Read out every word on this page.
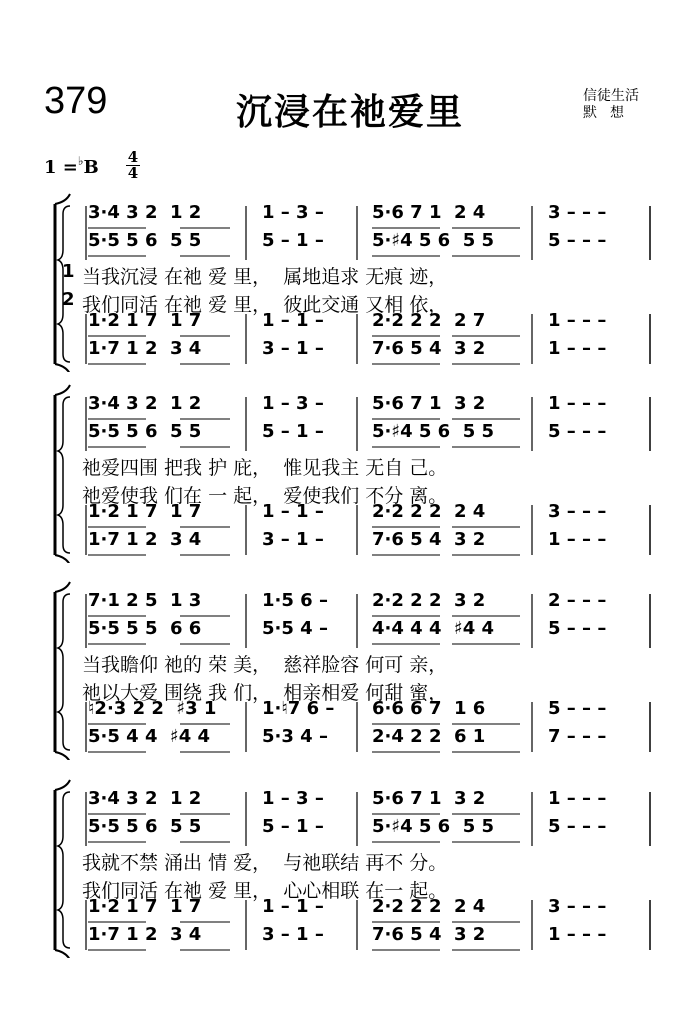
379	沉浸在祂爱里	信徒生活
默想
1 =♭B 4
4
3·4 3 2  1 2	1 – 3 –	5·6 7 1  2 4	3 – – –
5·5 5 6  5 5	5 – 1 –	5·♯4 5 6  5 5	5 – – –
1·2 1 7  1 7	1 – 1 –	2·2 2 2  2 7	1 – – –
1·7 1 2  3 4	3 – 1 –	7·6 5 4  3 2	1 – – –
1
2
当我沉浸 在祂 爱 里，  属地追求 无痕 迹，
我们同活 在祂 爱 里，  彼此交通 又相 依，
3·4 3 2  1 2	1 – 3 –	5·6 7 1  3 2	1 – – –
5·5 5 6  5 5	5 – 1 –	5·♯4 5 6  5 5	5 – – –
1·2 1 7  1 7	1 – 1 –	2·2 2 2  2 4	3 – – –
1·7 1 2  3 4	3 – 1 –	7·6 5 4  3 2	1 – – –
祂爱四围 把我 护 庇，  惟见我主 无自 己。
祂爱使我 们在 一 起，  爱使我们 不分 离。
7·1 2 5  1 3	1·5 6 – 2·2 2 2  3 2	2 – – –
5·5 5 5  6 6	5·5 4 – 4·4 4 4  ♯4 4	5 – – –
♮2·3 2 2  ♯3 1	1·♮7 6 – 6·6 6 7  1 6	5 – – –
5·5 4 4  ♯4 4	5·3 4 – 2·4 2 2  6 1	7 – – –
当我瞻仰 祂的 荣 美，  慈祥脸容 何可 亲，
祂以大爱 围绕 我 们，  相亲相爱 何甜 蜜，
3·4 3 2  1 2	1 – 3 –	5·6 7 1  3 2	1 – – –
5·5 5 6  5 5	5 – 1 –	5·♯4 5 6  5 5	5 – – –
1·2 1 7  1 7	1 – 1 –	2·2 2 2  2 4	3 – – –
1·7 1 2  3 4	3 – 1 –	7·6 5 4  3 2	1 – – –
我就不禁 涌出 情 爱，  与祂联结 再不 分。
我们同活 在祂 爱 里，  心心相联 在一 起。
